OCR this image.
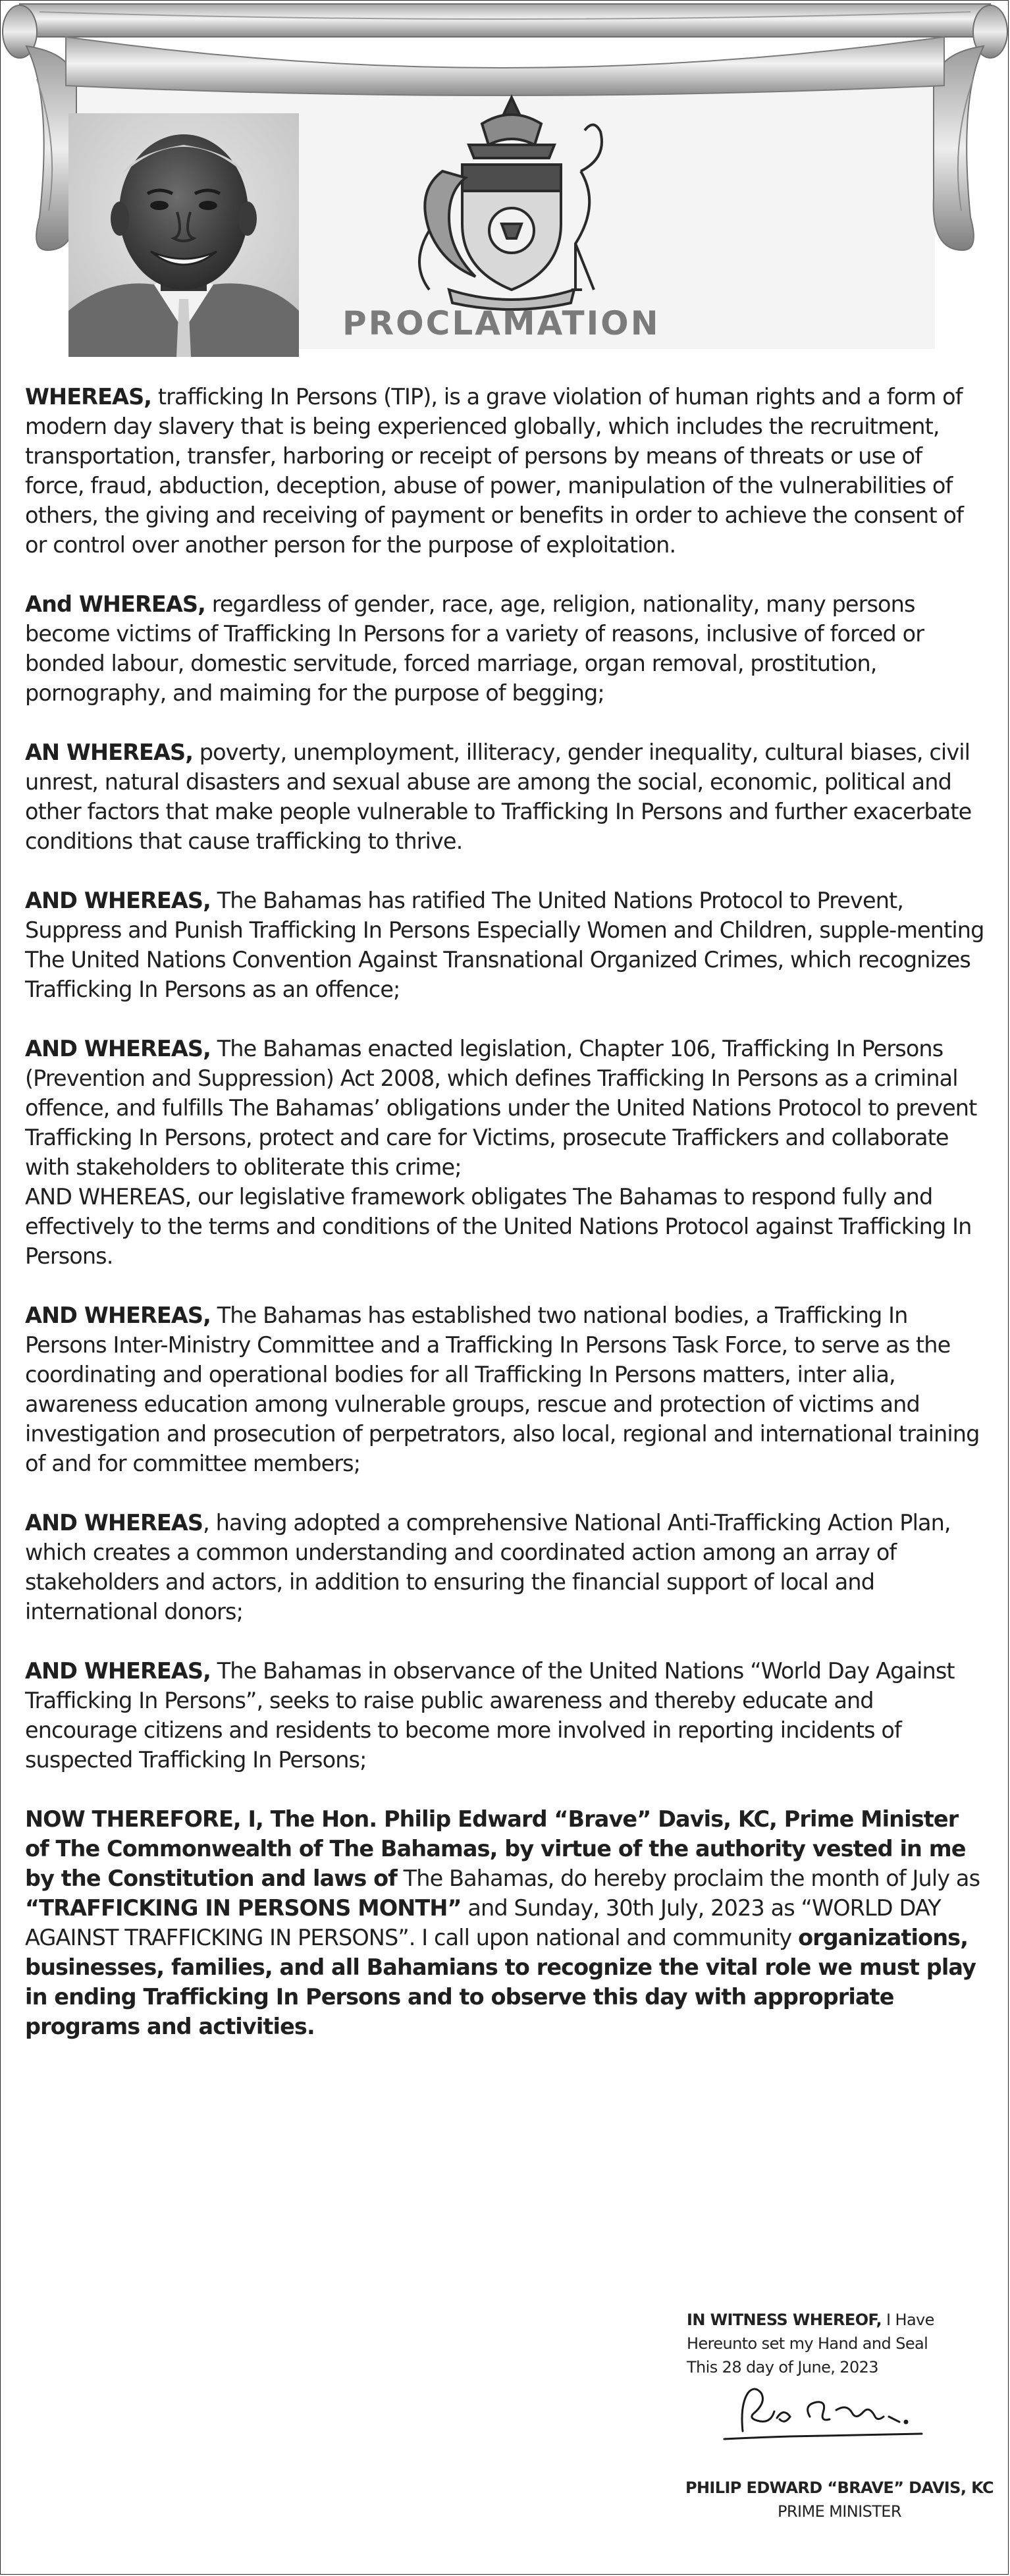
PROCLAMATION

WHEREAS, trafficking In Persons (TIP), is a grave violation of human rights and a form of modern day slavery that is being experienced globally, which includes the recruitment, transportation, transfer, harboring or receipt of persons by means of threats or use of force, fraud, abduction, deception, abuse of power, manipulation of the vulnerabilities of others, the giving and receiving of payment or benefits in order to achieve the consent of or control over another person for the purpose of exploitation.

And WHEREAS, regardless of gender, race, age, religion, nationality, many persons become victims of Trafficking In Persons for a variety of reasons, inclusive of forced or bonded labour, domestic servitude, forced marriage, organ removal, prostitution, pornography, and maiming for the purpose of begging;

AN WHEREAS, poverty, unemployment, illiteracy, gender inequality, cultural biases, civil unrest, natural disasters and sexual abuse are among the social, economic, political and other factors that make people vulnerable to Trafficking In Persons and further exacerbate conditions that cause trafficking to thrive.

AND WHEREAS, The Bahamas has ratified The United Nations Protocol to Prevent, Suppress and Punish Trafficking In Persons Especially Women and Children, supple-menting The United Nations Convention Against Transnational Organized Crimes, which recognizes Trafficking In Persons as an offence;

AND WHEREAS, The Bahamas enacted legislation, Chapter 106, Trafficking In Persons (Prevention and Suppression) Act 2008, which defines Trafficking In Persons as a criminal offence, and fulfills The Bahamas’ obligations under the United Nations Protocol to prevent Trafficking In Persons, protect and care for Victims, prosecute Traffickers and collaborate with stakeholders to obliterate this crime;

AND WHEREAS, our legislative framework obligates The Bahamas to respond fully and effectively to the terms and conditions of the United Nations Protocol against Trafficking In Persons.

AND WHEREAS, The Bahamas has established two national bodies, a Trafficking In Persons Inter-Ministry Committee and a Trafficking In Persons Task Force, to serve as the coordinating and operational bodies for all Trafficking In Persons matters, inter alia, awareness education among vulnerable groups, rescue and protection of victims and investigation and prosecution of perpetrators, also local, regional and international training of and for committee members;

AND WHEREAS, having adopted a comprehensive National Anti-Trafficking Action Plan, which creates a common understanding and coordinated action among an array of stakeholders and actors, in addition to ensuring the financial support of local and international donors;

AND WHEREAS, The Bahamas in observance of the United Nations “World Day Against Trafficking In Persons”, seeks to raise public awareness and thereby educate and encourage citizens and residents to become more involved in reporting incidents of suspected Trafficking In Persons;

NOW THEREFORE, I, The Hon. Philip Edward “Brave” Davis, KC, Prime Minister of The Commonwealth of The Bahamas, by virtue of the authority vested in me by the Constitution and laws of The Bahamas, do hereby proclaim the month of July as “TRAFFICKING IN PERSONS MONTH” and Sunday, 30th July, 2023 as “WORLD DAY AGAINST TRAFFICKING IN PERSONS”. I call upon national and community organizations, businesses, families, and all Bahamians to recognize the vital role we must play in ending Trafficking In Persons and to observe this day with appropriate programs and activities.

IN WITNESS WHEREOF, I Have
Hereunto set my Hand and Seal
This 28 day of June, 2023
PHILIP EDWARD “BRAVE” DAVIS, KC
PRIME MINISTER
